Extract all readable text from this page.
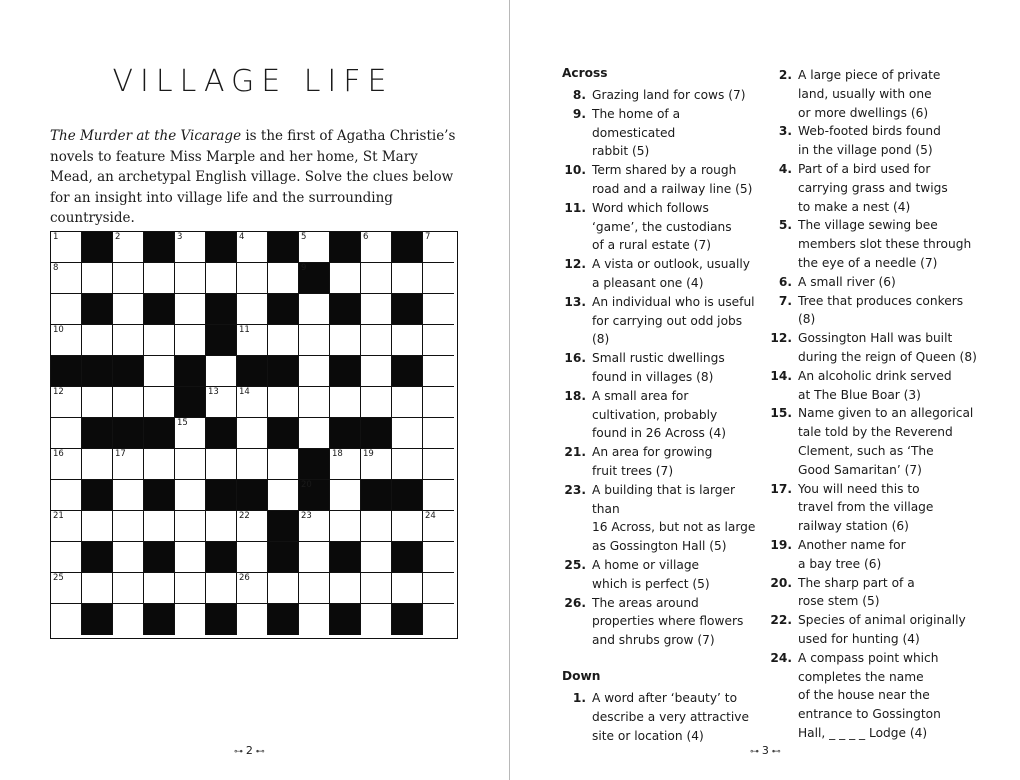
VILLAGE LIFE
The Murder at the Vicarage is the first of Agatha Christie’s novels to feature Miss Marple and her home, St Mary Mead, an archetypal English village. Solve the clues below for an insight into village life and the surrounding countryside.
1	2	3	4	5	6	7
8	9
10	11
12	13 14
15
16	17	18 19
20
21	22	23	24
25	26
⊶ 2 ⊷
Across
8. Grazing land for cows (7)
9. The home of a domesticated
rabbit (5)
10. Term shared by a rough
road and a railway line (5)
11. Word which follows
‘game’, the custodians
of a rural estate (7)
12. A vista or outlook, usually
a pleasant one (4)
13. An individual who is useful
for carrying out odd jobs (8)
16. Small rustic dwellings
found in villages (8)
18. A small area for
cultivation, probably
found in 26 Across (4)
21. An area for growing
fruit trees (7)
23. A building that is larger than
16 Across, but not as large
as Gossington Hall (5)
25. A home or village
which is perfect (5)
26. The areas around
properties where flowers
and shrubs grow (7)
Down
1. A word after ‘beauty’ to
describe a very attractive
site or location (4)
2. A large piece of private
land, usually with one
or more dwellings (6)
3. Web-footed birds found
in the village pond (5)
4. Part of a bird used for
carrying grass and twigs
to make a nest (4)
5. The village sewing bee
members slot these through
the eye of a needle (7)
6. A small river (6)
7. Tree that produces conkers (8)
12. Gossington Hall was built
during the reign of Queen (8)
14. An alcoholic drink served
at The Blue Boar (3)
15. Name given to an allegorical
tale told by the Reverend
Clement, such as ‘The
Good Samaritan’ (7)
17. You will need this to
travel from the village
railway station (6)
19. Another name for
a bay tree (6)
20. The sharp part of a
rose stem (5)
22. Species of animal originally
used for hunting (4)
24. A compass point which
completes the name
of the house near the
entrance to Gossington
Hall, _ _ _ _ Lodge (4)
⊶ 3 ⊷
